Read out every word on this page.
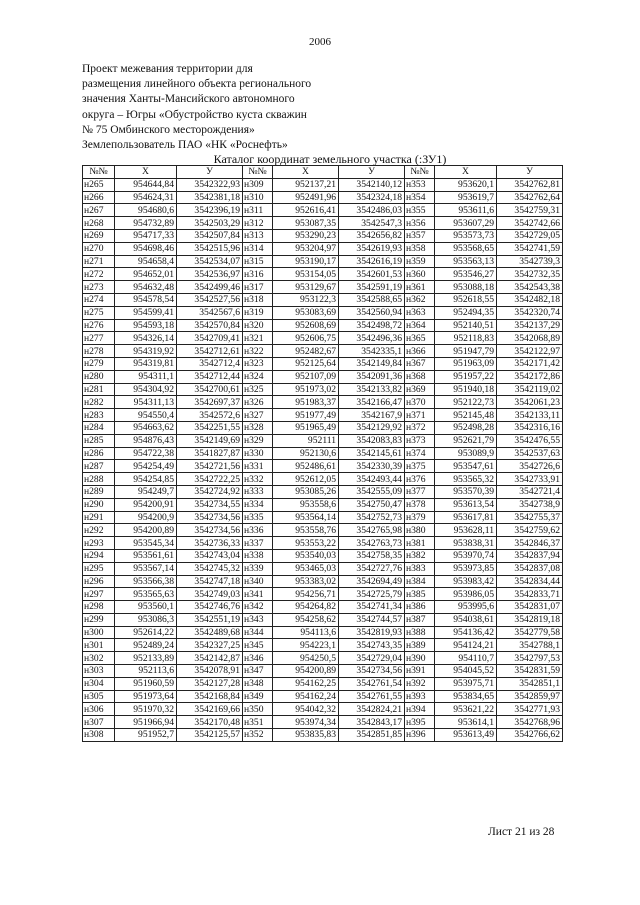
2006
Проект межевания территории для
размещения линейного объекта регионального
значения Ханты-Мансийского автономного
округа – Югры «Обустройство куста скважин
№ 75 Омбинского месторождения»
Землепользователь ПАО «НК «Роснефть»
Каталог координат земельного участка (:ЗУ1)
№№	X	У	№№	X	У	№№	X	У
н265	954644,84	3542322,93	н309	952137,21	3542140,12	н353	953620,1	3542762,81
н266	954624,31	3542381,18	н310	952491,96	3542324,18	н354	953619,7	3542762,64
н267	954680,6	3542396,19	н311	952616,41	3542486,03	н355	953611,6	3542759,31
н268	954732,89	3542503,29	н312	953087,35	3542547,3	н356	953607,29	3542742,66
н269	954717,33	3542507,84	н313	953290,23	3542656,82	н357	953573,73	3542729,05
н270	954698,46	3542515,96	н314	953204,97	3542619,93	н358	953568,65	3542741,59
н271	954658,4	3542534,07	н315	953190,17	3542616,19	н359	953563,13	3542739,3
н272	954652,01	3542536,97	н316	953154,05	3542601,53	н360	953546,27	3542732,35
н273	954632,48	3542499,46	н317	953129,67	3542591,19	н361	953088,18	3542543,38
н274	954578,54	3542527,56	н318	953122,3	3542588,65	н362	952618,55	3542482,18
н275	954599,41	3542567,6	н319	953083,69	3542560,94	н363	952494,35	3542320,74
н276	954593,18	3542570,84	н320	952608,69	3542498,72	н364	952140,51	3542137,29
н277	954326,14	3542709,41	н321	952606,75	3542496,36	н365	952118,83	3542068,89
н278	954319,92	3542712,61	н322	952482,67	3542335,1	н366	951947,79	3542122,97
н279	954319,81	3542712,4	н323	952125,64	3542149,84	н367	951963,09	3542171,42
н280	954311,1	3542712,44	н324	952107,09	3542091,36	н368	951957,22	3542172,86
н281	954304,92	3542700,61	н325	951973,02	3542133,82	н369	951940,18	3542119,02
н282	954311,13	3542697,37	н326	951983,37	3542166,47	н370	952122,73	3542061,23
н283	954550,4	3542572,6	н327	951977,49	3542167,9	н371	952145,48	3542133,11
н284	954663,62	3542251,55	н328	951965,49	3542129,92	н372	952498,28	3542316,16
н285	954876,43	3542149,69	н329	952111	3542083,83	н373	952621,79	3542476,55
н286	954722,38	3541827,87	н330	952130,6	3542145,61	н374	953089,9	3542537,63
н287	954254,49	3542721,56	н331	952486,61	3542330,39	н375	953547,61	3542726,6
н288	954254,85	3542722,25	н332	952612,05	3542493,44	н376	953565,32	3542733,91
н289	954249,7	3542724,92	н333	953085,26	3542555,09	н377	953570,39	3542721,4
н290	954200,91	3542734,55	н334	953558,6	3542750,47	н378	953613,54	3542738,9
н291	954200,9	3542734,56	н335	953564,14	3542752,73	н379	953617,81	3542755,37
н292	954200,89	3542734,56	н336	953558,76	3542765,98	н380	953628,11	3542759,62
н293	953545,34	3542736,33	н337	953553,22	3542763,73	н381	953838,31	3542846,37
н294	953561,61	3542743,04	н338	953540,03	3542758,35	н382	953970,74	3542837,94
н295	953567,14	3542745,32	н339	953465,03	3542727,76	н383	953973,85	3542837,08
н296	953566,38	3542747,18	н340	953383,02	3542694,49	н384	953983,42	3542834,44
н297	953565,63	3542749,03	н341	954256,71	3542725,79	н385	953986,05	3542833,71
н298	953560,1	3542746,76	н342	954264,82	3542741,34	н386	953995,6	3542831,07
н299	953086,3	3542551,19	н343	954258,62	3542744,57	н387	954038,61	3542819,18
н300	952614,22	3542489,68	н344	954113,6	3542819,93	н388	954136,42	3542779,58
н301	952489,24	3542327,25	н345	954223,1	3542743,35	н389	954124,21	3542788,1
н302	952133,89	3542142,87	н346	954250,5	3542729,04	н390	954110,7	3542797,53
н303	952113,6	3542078,91	н347	954200,89	3542734,56	н391	954045,52	3542831,59
н304	951960,59	3542127,28	н348	954162,25	3542761,54	н392	953975,71	3542851,1
н305	951973,64	3542168,84	н349	954162,24	3542761,55	н393	953834,65	3542859,97
н306	951970,32	3542169,66	н350	954042,32	3542824,21	н394	953621,22	3542771,93
н307	951966,94	3542170,48	н351	953974,34	3542843,17	н395	953614,1	3542768,96
н308	951952,7	3542125,57	н352	953835,83	3542851,85	н396	953613,49	3542766,62
Лист 21 из 28
